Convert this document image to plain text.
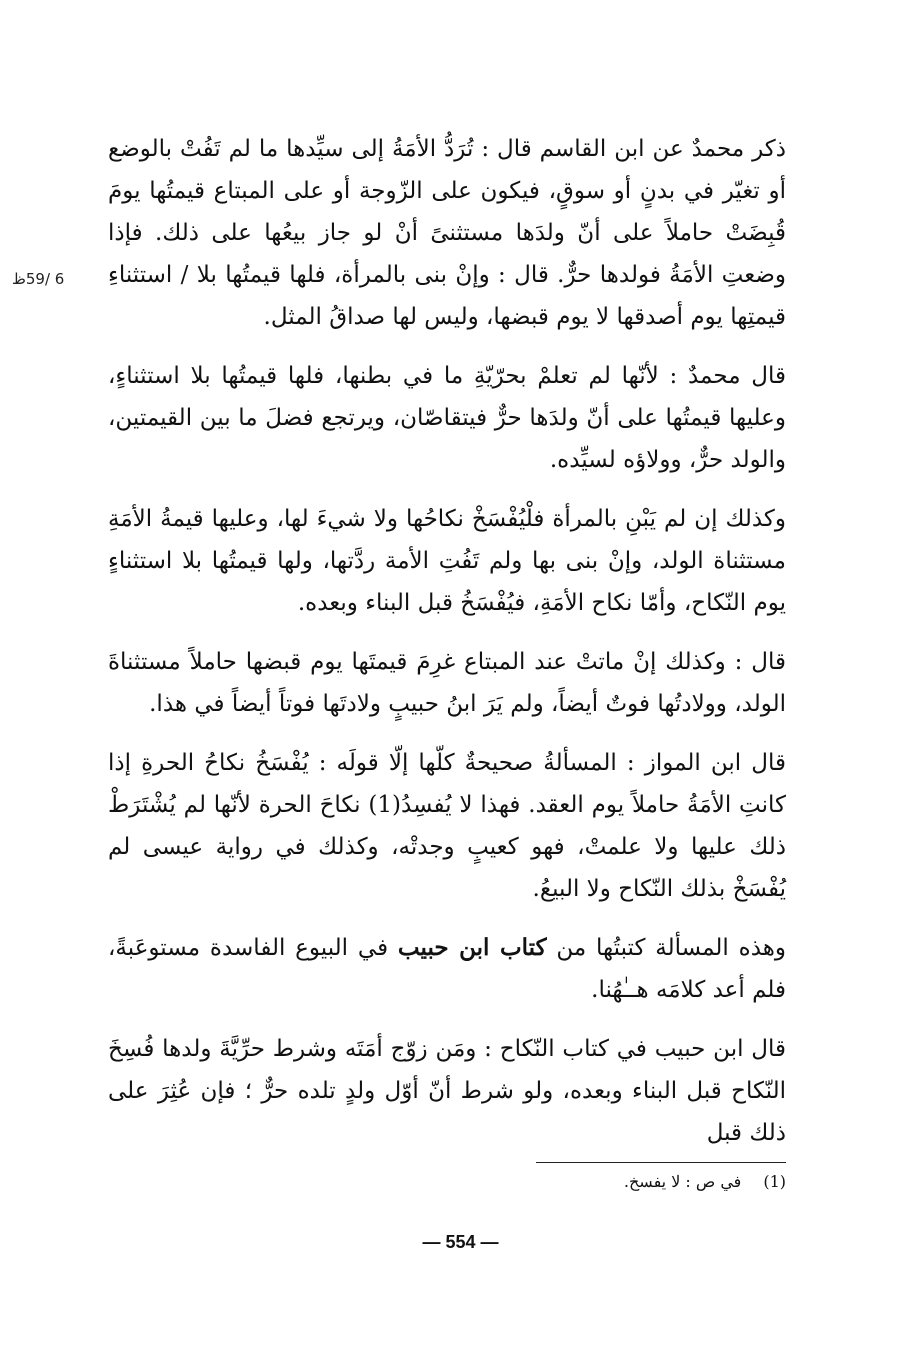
6 /59ظ

ذكر محمدٌ عن ابن القاسم قال : تُرَدُّ الأمَةُ إلى سيِّدها ما لم تَفُتْ بالوضع أو تغيّر في بدنٍ أو سوقٍ، فيكون على الزّوجة أو على المبتاع قيمتُها يومَ قُبِضَتْ حاملاً على أنّ ولدَها مستثنىً أنْ لو جاز بيعُها على ذلك. فإذا وضعتِ الأمَةُ فولدها حرٌّ. قال : وإنْ بنى بالمرأة، فلها قيمتُها بلا / استثناءِ قيمتِها يوم أصدقها لا يوم قبضها، وليس لها صداقُ المثل.

قال محمدٌ : لأنّها لم تعلمْ بحرّيّةِ ما في بطنها، فلها قيمتُها بلا استثناءٍ، وعليها قيمتُها على أنّ ولدَها حرٌّ فيتقاصّان، ويرتجع فضلَ ما بين القيمتين، والولد حرٌّ، وولاؤه لسيِّده.

وكذلك إن لم يَبْنِ بالمرأة فلْيُفْسَخْ نكاحُها ولا شيءَ لها، وعليها قيمةُ الأمَةِ مستثناة الولد، وإنْ بنى بها ولم تَفُتِ الأمة ردَّتها، ولها قيمتُها بلا استثناءٍ يوم النّكاح، وأمّا نكاح الأمَةِ، فيُفْسَخُ قبل البناء وبعده.

قال : وكذلك إنْ ماتتْ عند المبتاع غرِمَ قيمتَها يوم قبضها حاملاً مستثناةَ الولد، وولادتُها فوتٌ أيضاً، ولم يَرَ ابنُ حبيبٍ ولادتَها فوتاً أيضاً في هذا.

قال ابن المواز : المسألةُ صحيحةٌ كلّها إلّا قولَه : يُفْسَخُ نكاحُ الحرةِ إذا كانتِ الأمَةُ حاملاً يوم العقد. فهذا لا يُفسِدُ(1) نكاحَ الحرة لأنّها لم يُشْتَرَطْ ذلك عليها ولا علمتْ، فهو كعيبٍ وجدتْه، وكذلك في رواية عيسى لم يُفْسَخْ بذلك النّكاح ولا البيعُ.

وهذه المسألة كتبتُها من كتاب ابن حبيب في البيوع الفاسدة مستوعَبةً، فلم أعد كلامَه هــٰهُنا.

قال ابن حبيب في كتاب النّكاح : ومَن زوّج أمَتَه وشرط حرِّيَّةَ ولدها فُسِخَ النّكاح قبل البناء وبعده، ولو شرط أنّ أوّل ولدٍ تلده حرٌّ ؛ فإن عُثِرَ على ذلك قبل

(1)في ص : لا يفسخ.
— 554 —
